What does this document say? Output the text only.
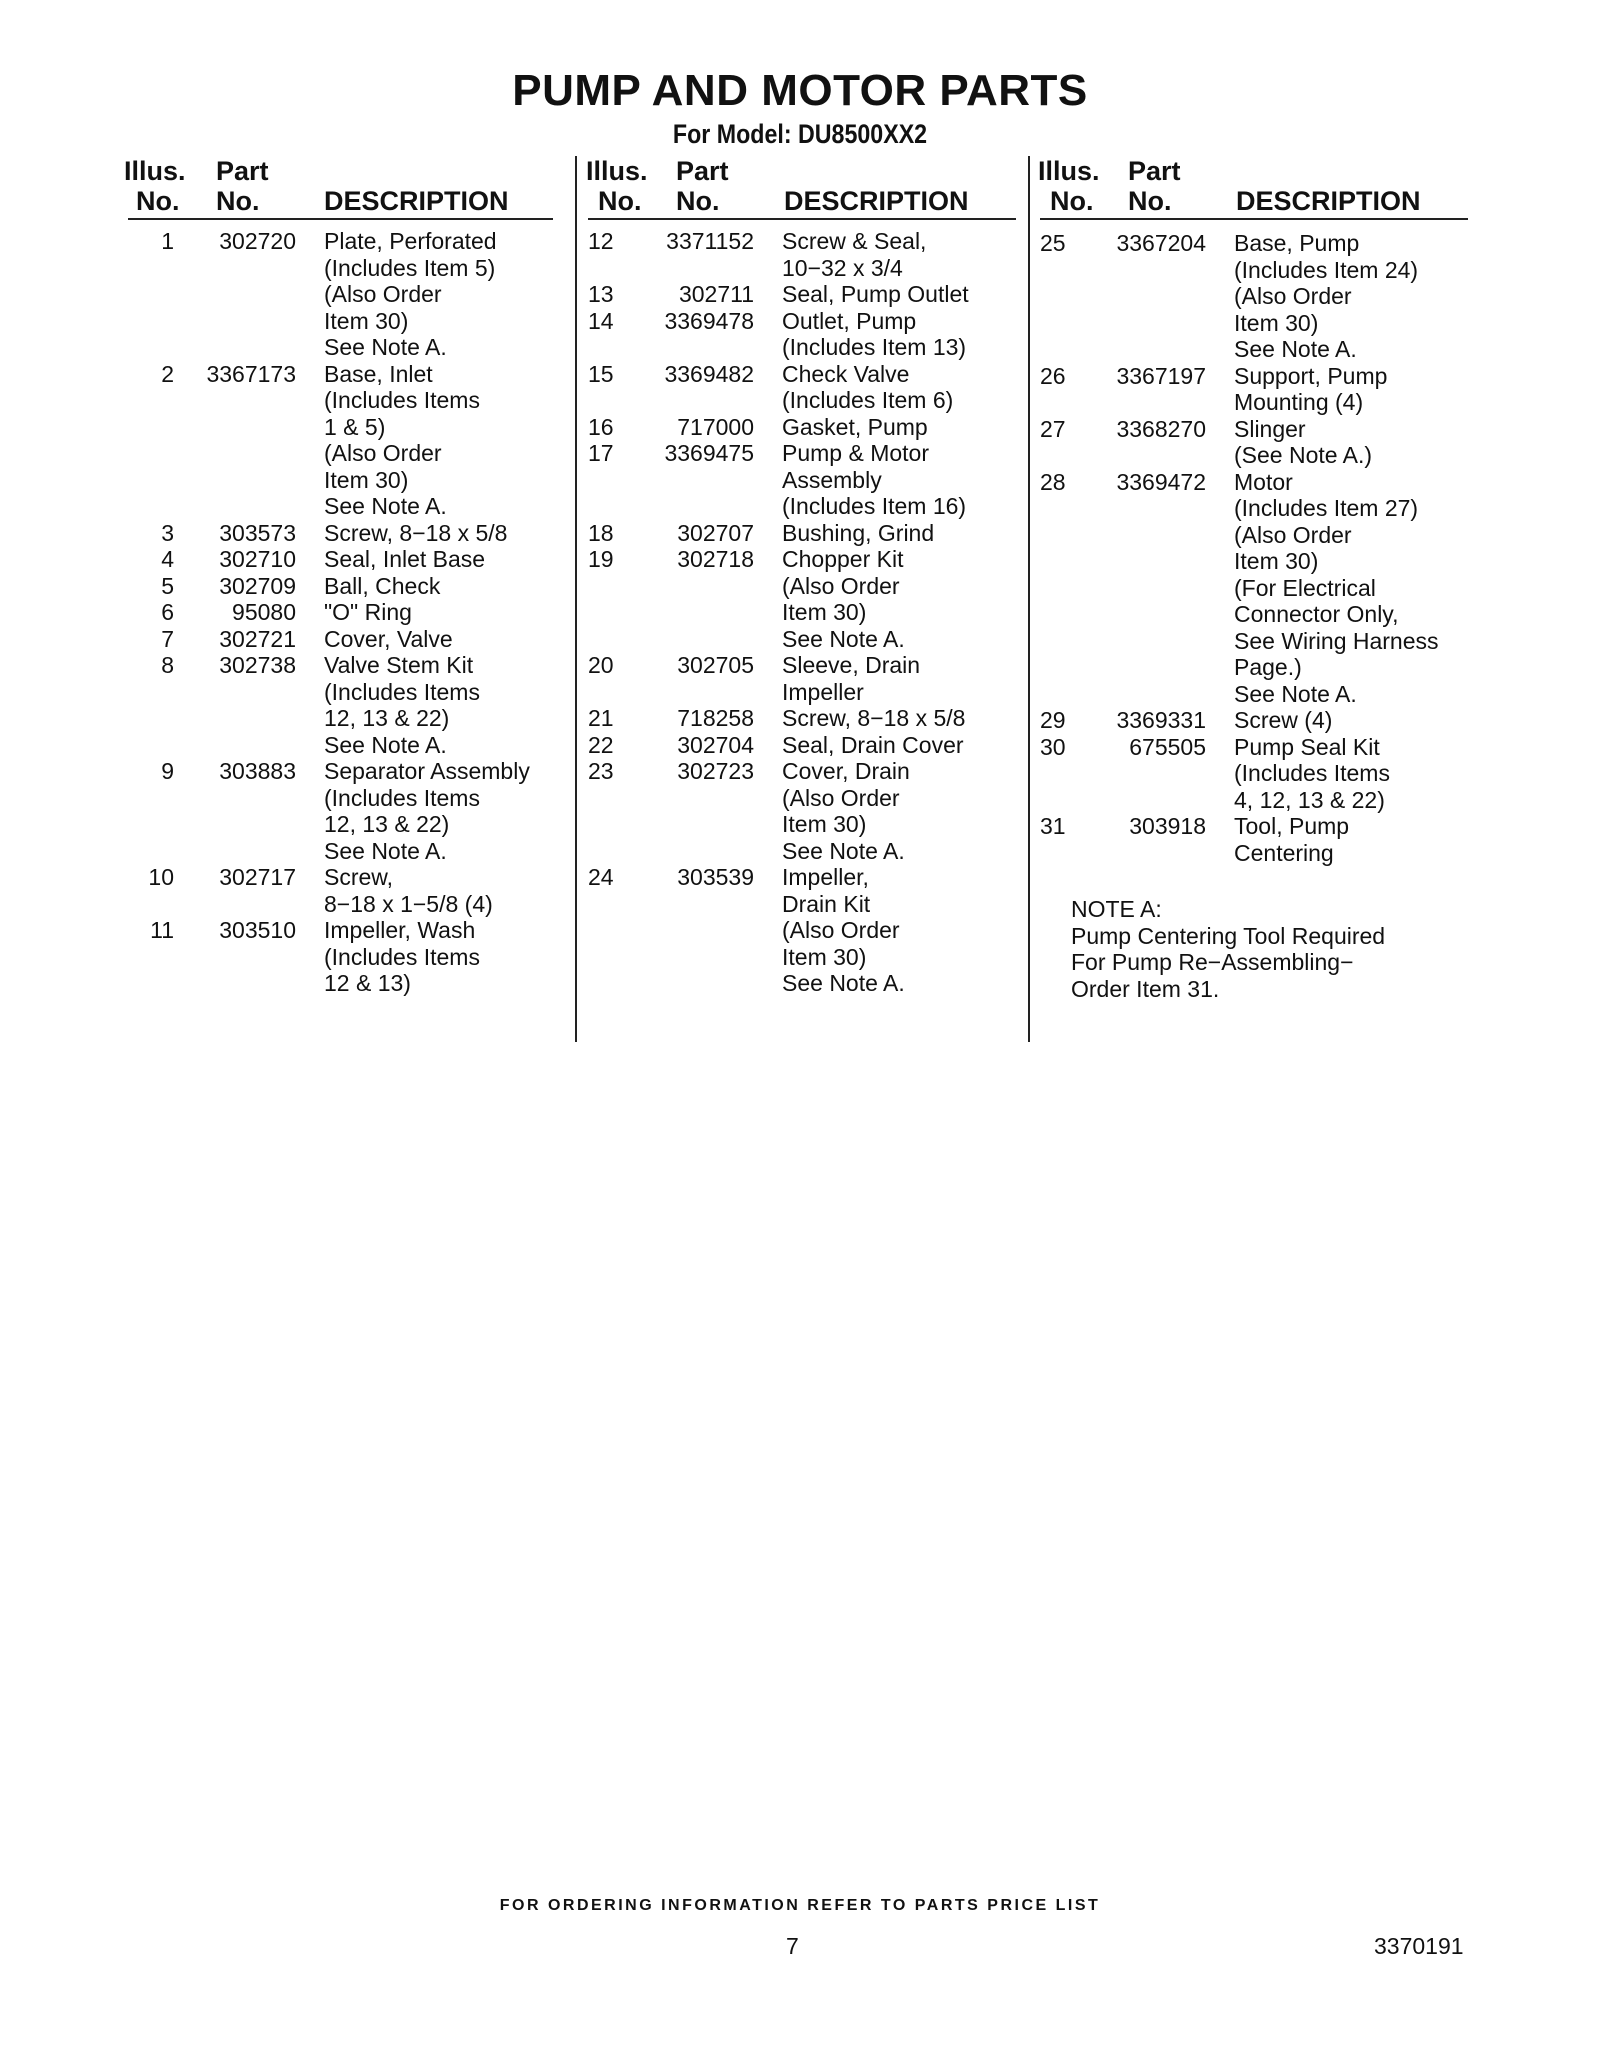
PUMP AND MOTOR PARTS
For Model: DU8500XX2
Illus.
No.
Part
No. DESCRIPTION
1	302720 Plate, Perforated
(Includes Item 5)
(Also Order
Item 30)
See Note A.
2	3367173 Base, Inlet
(Includes Items
1 & 5)
(Also Order
Item 30)
See Note A.
3	303573 Screw, 8−18 x 5/8
4	302710 Seal, Inlet Base
5	302709 Ball, Check
6	95080 "O" Ring
7	302721 Cover, Valve
8	302738 Valve Stem Kit
(Includes Items
12, 13 & 22)
See Note A.
9	303883 Separator Assembly
(Includes Items
12, 13 & 22)
See Note A.
10	302717 Screw,
8−18 x 1−5/8 (4)
11	303510 Impeller, Wash
(Includes Items
12 & 13)
Illus.
No.
Part
No. DESCRIPTION
12	3371152 Screw & Seal,
10−32 x 3/4
13	302711 Seal, Pump Outlet
14	3369478 Outlet, Pump
(Includes Item 13)
15	3369482 Check Valve
(Includes Item 6)
16	717000 Gasket, Pump
17	3369475 Pump & Motor
Assembly
(Includes Item 16)
18	302707 Bushing, Grind
19	302718 Chopper Kit
(Also Order
Item 30)
See Note A.
20	302705 Sleeve, Drain
Impeller
21	718258 Screw, 8−18 x 5/8
22	302704 Seal, Drain Cover
23	302723 Cover, Drain
(Also Order
Item 30)
See Note A.
24	303539 Impeller,
Drain Kit
(Also Order
Item 30)
See Note A.
Illus.
No.
Part
No. DESCRIPTION
25	3367204 Base, Pump
(Includes Item 24)
(Also Order
Item 30)
See Note A.
26	3367197 Support, Pump
Mounting (4)
27	3368270 Slinger
(See Note A.)
28	3369472 Motor
(Includes Item 27)
(Also Order
Item 30)
(For Electrical
Connector Only,
See Wiring Harness
Page.)
See Note A.
29	3369331 Screw (4)
30	675505 Pump Seal Kit
(Includes Items
4, 12, 13 & 22)
31	303918 Tool, Pump
Centering
NOTE A:
Pump Centering Tool Required
For Pump Re−Assembling−
Order Item 31.
FOR ORDERING INFORMATION REFER TO PARTS PRICE LIST
7	3370191
